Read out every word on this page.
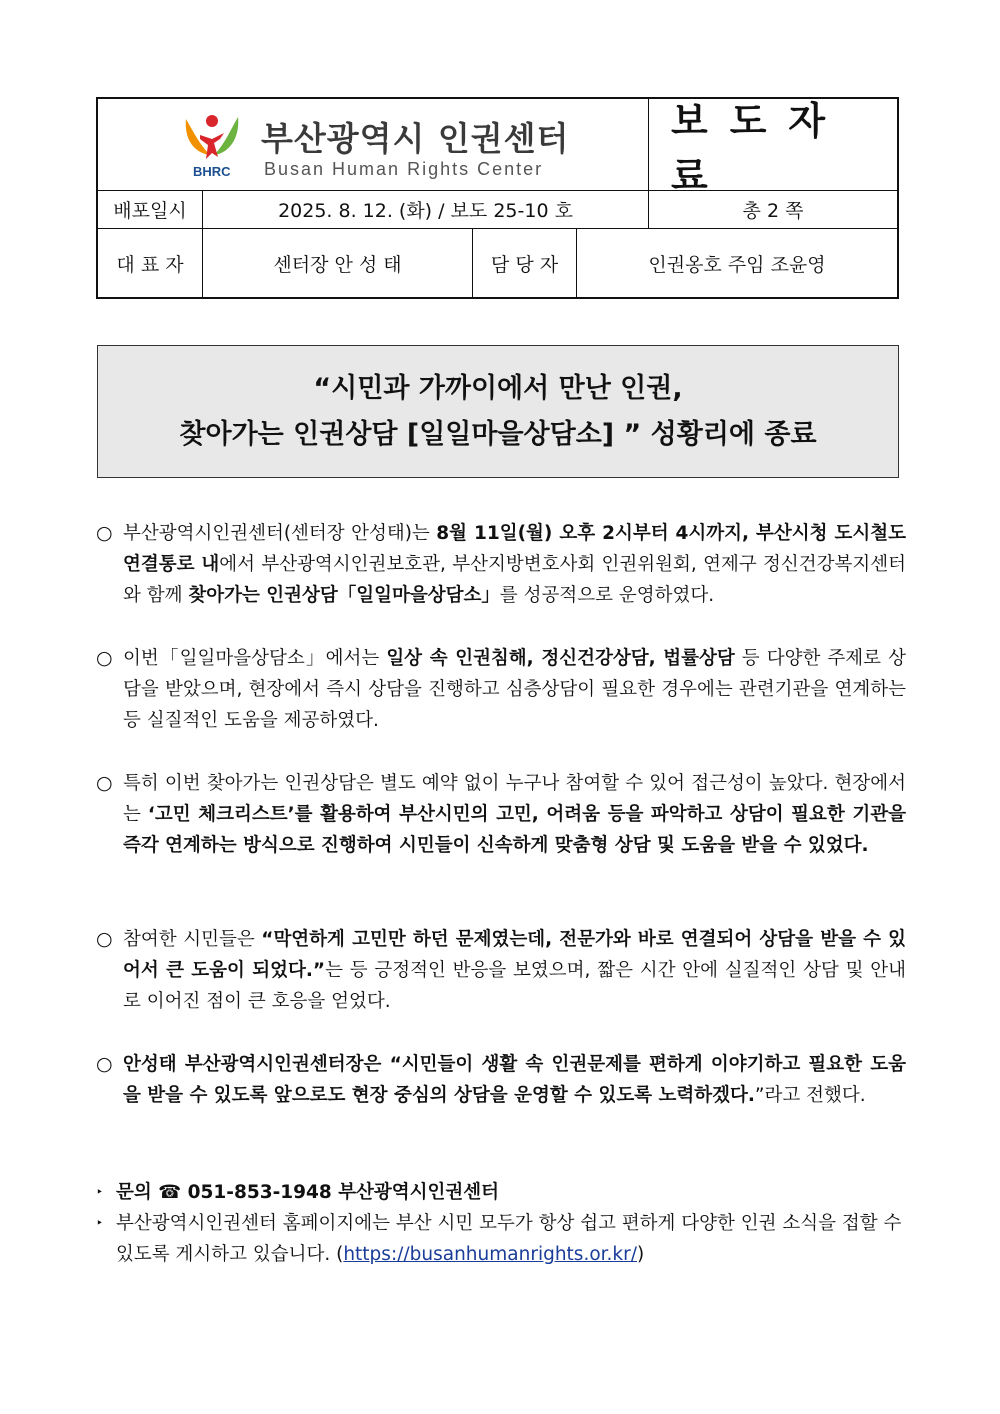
BHRC
부산광역시 인권센터
Busan Human Rights Center
보도자료
배포일시	2025. 8. 12. (화) / 보도 25-10 호	총 2 쪽
대 표 자	센터장 안 성 태	담 당 자	인권옹호 주임 조윤영
“시민과 가까이에서 만난 인권,
찾아가는 인권상담 [일일마을상담소] ” 성황리에 종료
○ 부산광역시인권센터(센터장 안성태)는 8월 11일(월) 오후 2시부터 4시까지, 부산시청 도시철도 연결통로 내에서 부산광역시인권보호관, 부산지방변호사회 인권위원회, 연제구 정신건강복지센터와 함께 찾아가는 인권상담「일일마을상담소」를 성공적으로 운영하였다.
○ 이번「일일마을상담소」에서는 일상 속 인권침해, 정신건강상담, 법률상담 등 다양한 주제로 상담을 받았으며, 현장에서 즉시 상담을 진행하고 심층상담이 필요한 경우에는 관련기관을 연계하는 등 실질적인 도움을 제공하였다.
○ 특히 이번 찾아가는 인권상담은 별도 예약 없이 누구나 참여할 수 있어 접근성이 높았다. 현장에서는 ‘고민 체크리스트’를 활용하여 부산시민의 고민, 어려움 등을 파악하고 상담이 필요한 기관을 즉각 연계하는 방식으로 진행하여 시민들이 신속하게 맞춤형 상담 및 도움을 받을 수 있었다.
○ 참여한 시민들은 “막연하게 고민만 하던 문제였는데, 전문가와 바로 연결되어 상담을 받을 수 있어서 큰 도움이 되었다.”는 등 긍정적인 반응을 보였으며, 짧은 시간 안에 실질적인 상담 및 안내로 이어진 점이 큰 호응을 얻었다.
○ 안성태 부산광역시인권센터장은 “시민들이 생활 속 인권문제를 편하게 이야기하고 필요한 도움을 받을 수 있도록 앞으로도 현장 중심의 상담을 운영할 수 있도록 노력하겠다.”라고 전했다.
‣ 문의 ☎ 051-853-1948 부산광역시인권센터
‣ 부산광역시인권센터 홈페이지에는 부산 시민 모두가 항상 쉽고 편하게 다양한 인권 소식을 접할 수 있도록 게시하고 있습니다. (https://busanhumanrights.or.kr/)
